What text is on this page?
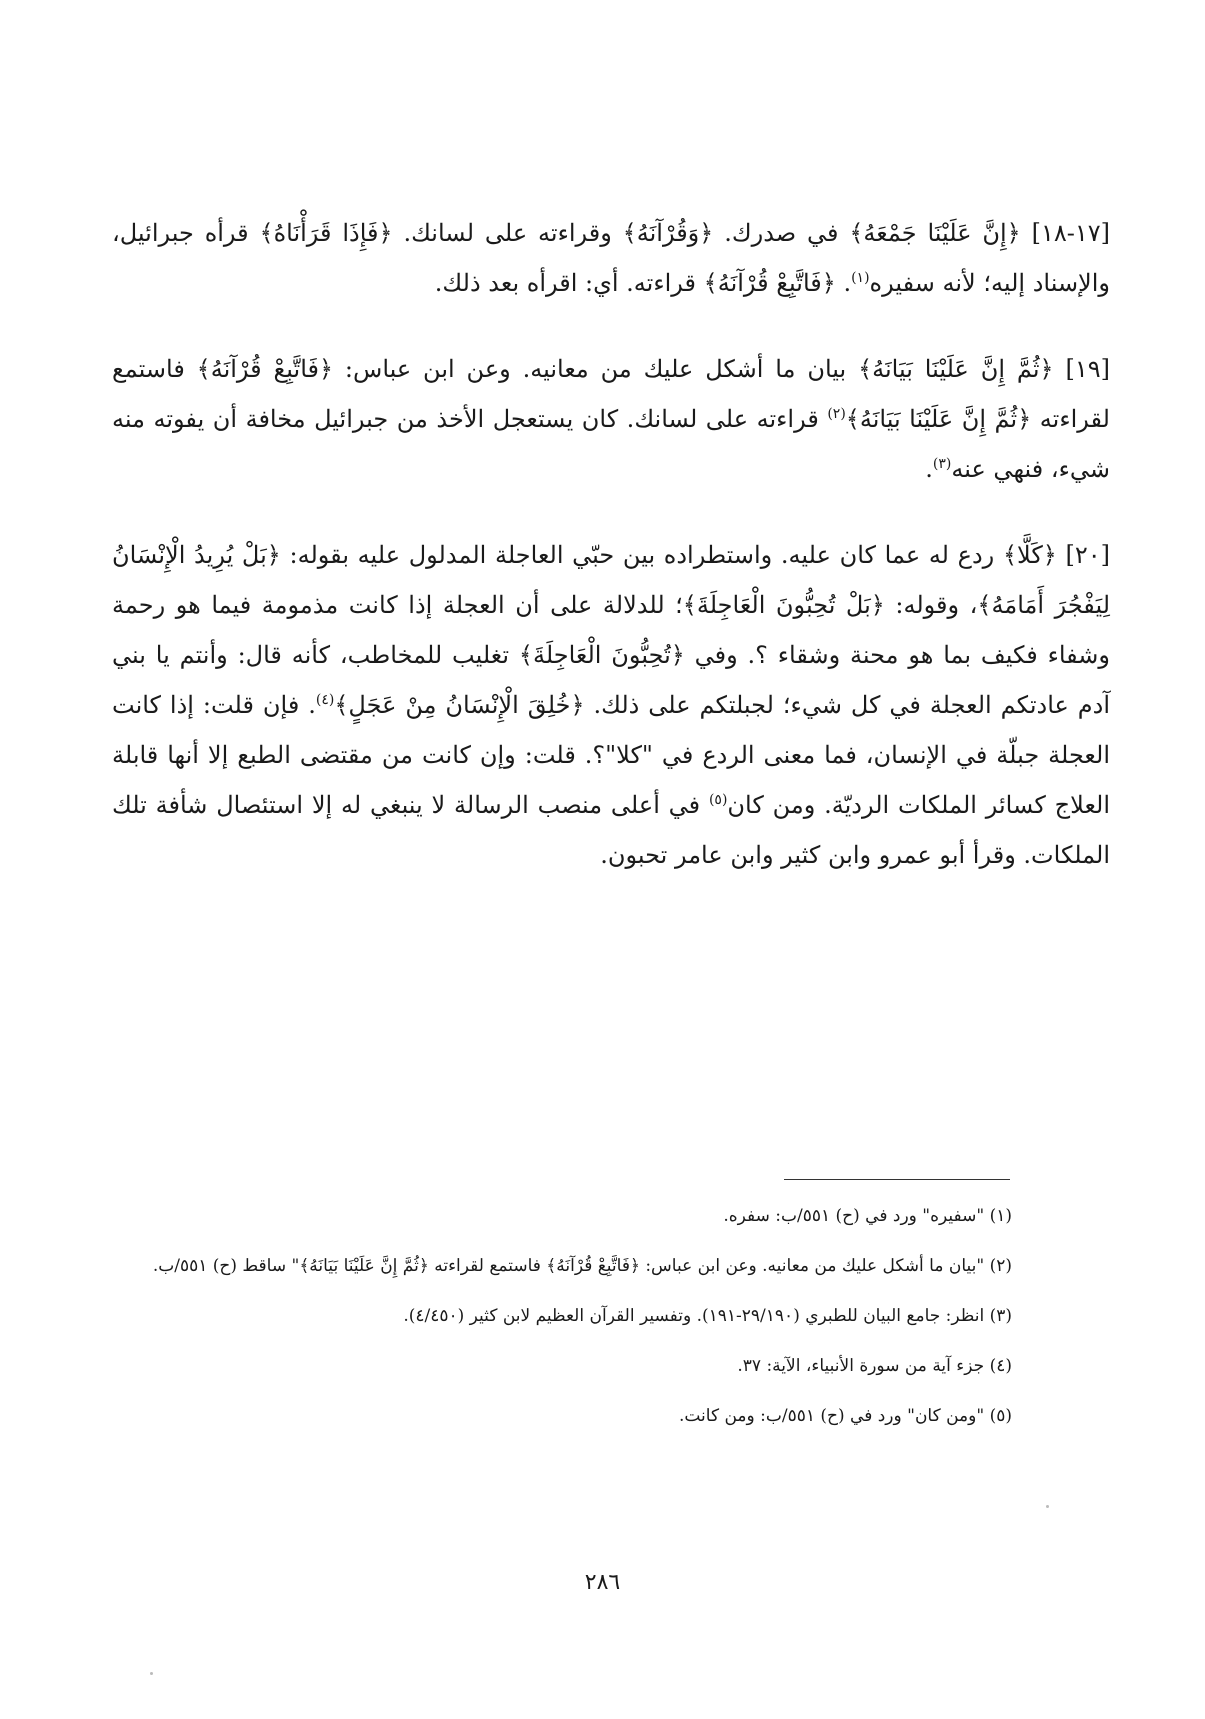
[١٧-١٨] ﴿إِنَّ عَلَيْنَا جَمْعَهُ﴾ في صدرك. ﴿وَقُرْآنَهُ﴾ وقراءته على لسانك. ﴿فَإِذَا قَرَأْنَاهُ﴾ قرأه جبرائيل، والإسناد إليه؛ لأنه سفيره$^{(١)}$. ﴿فَاتَّبِعْ قُرْآنَهُ﴾ قراءته. أي: اقرأه بعد ذلك.

[١٩] ﴿ثُمَّ إِنَّ عَلَيْنَا بَيَانَهُ﴾ بيان ما أشكل عليك من معانيه. وعن ابن عباس: ﴿فَاتَّبِعْ قُرْآنَهُ﴾ فاستمع لقراءته ﴿ثُمَّ إِنَّ عَلَيْنَا بَيَانَهُ﴾$^{(٢)}$ قراءته على لسانك. كان يستعجل الأخذ من جبرائيل مخافة أن يفوته منه شيء، فنهي عنه$^{(٣)}$.

[٢٠] ﴿كَلَّا﴾ ردع له عما كان عليه. واستطراده بين حبّي العاجلة المدلول عليه بقوله: ﴿بَلْ يُرِيدُ الْإِنْسَانُ لِيَفْجُرَ أَمَامَهُ﴾، وقوله: ﴿بَلْ تُحِبُّونَ الْعَاجِلَةَ﴾؛ للدلالة على أن العجلة إذا كانت مذمومة فيما هو رحمة وشفاء فكيف بما هو محنة وشقاء ؟. وفي ﴿تُحِبُّونَ الْعَاجِلَةَ﴾ تغليب للمخاطب، كأنه قال: وأنتم يا بني آدم عادتكم العجلة في كل شيء؛ لجبلتكم على ذلك. ﴿خُلِقَ الْإِنْسَانُ مِنْ عَجَلٍ﴾$^{(٤)}$. فإن قلت: إذا كانت العجلة جبلّة في الإنسان، فما معنى الردع في "كلا"؟. قلت: وإن كانت من مقتضى الطبع إلا أنها قابلة العلاج كسائر الملكات الرديّة. ومن كان$^{(٥)}$ في أعلى منصب الرسالة لا ينبغي له إلا استئصال شأفة تلك الملكات. وقرأ أبو عمرو وابن كثير وابن عامر تحبون.

(١) "سفيره" ورد في (ح) ٥٥١/ب: سفره.
(٢) "بيان ما أشكل عليك من معانيه. وعن ابن عباس: ﴿فَاتَّبِعْ قُرْآنَهُ﴾ فاستمع لقراءته ﴿ثُمَّ إِنَّ عَلَيْنَا بَيَانَهُ﴾" ساقط (ح) ٥٥١/ب.
(٣) انظر: جامع البيان للطبري (٢٩/١٩٠-١٩١). وتفسير القرآن العظيم لابن كثير (٤/٤٥٠).
(٤) جزء آية من سورة الأنبياء، الآية: ٣٧.
(٥) "ومن كان" ورد في (ح) ٥٥١/ب: ومن كانت.
٢٨٦
